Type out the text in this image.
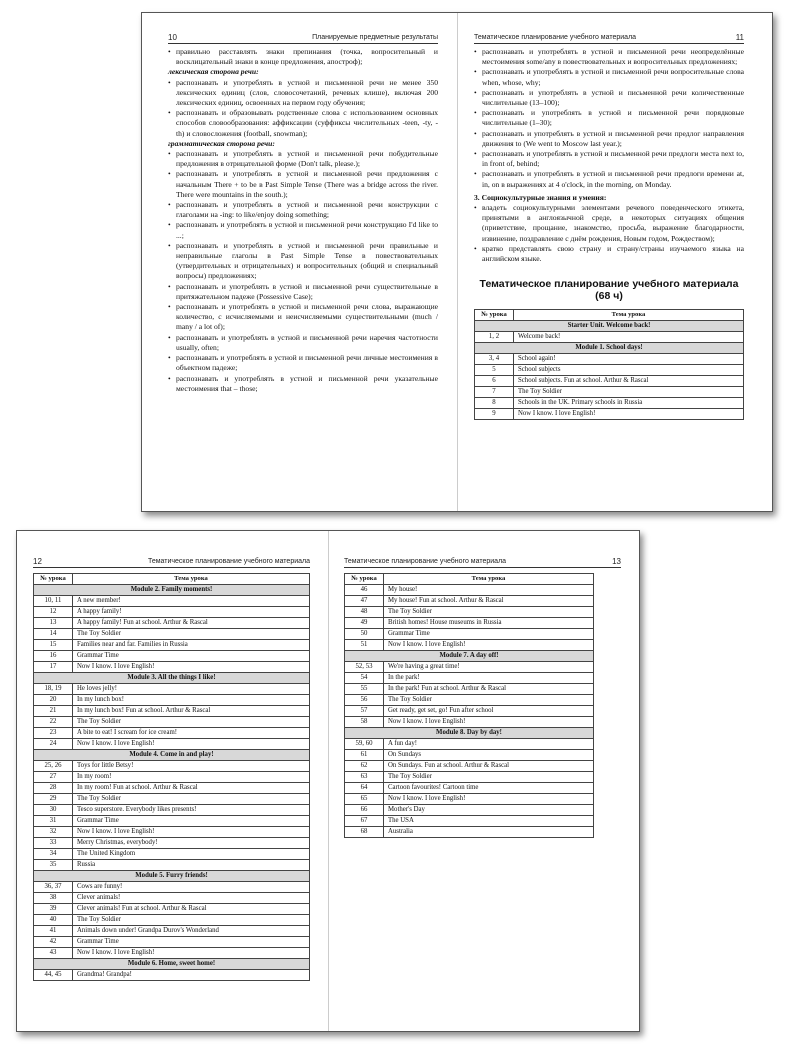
10	Планируемые предметные результаты	Тематическое планирование учебного материала	11
• правильно расставлять знаки препинания (точка, вопросительный и восклицательный знаки в конце предложения, апостроф);
лексическая сторона речи:
• распознавать и употреблять в устной и письменной речи не менее 350 лексических единиц (слов, словосочетаний, речевых клише), включая 200 лексических единиц, освоенных на первом году обучения;
• распознавать и образовывать родственные слова с использованием основных способов словообразования: аффиксации (суффиксы числительных -teen, -ty, -th) и словосложения (football, snowman);
грамматическая сторона речи:
• распознавать и употреблять в устной и письменной речи побудительные предложения в отрицательной форме (Don't talk, please.);
• распознавать и употреблять в устной и письменной речи предложения с начальным There + to be в Past Simple Tense (There was a bridge across the river. There were mountains in the south.);
• распознавать и употреблять в устной и письменной речи конструкции с глаголами на -ing: to like/enjoy doing something;
• распознавать и употреблять в устной и письменной речи конструкцию I'd like to ...;
• распознавать и употреблять в устной и письменной речи правильные и неправильные глаголы в Past Simple Tense в повествовательных (утвердительных и отрицательных) и вопросительных (общий и специальный вопросы) предложениях;
• распознавать и употреблять в устной и письменной речи существительные в притяжательном падеже (Possessive Case);
• распознавать и употреблять в устной и письменной речи слова, выражающие количество, с исчисляемыми и неисчисляемыми существительными (much / many / a lot of);
• распознавать и употреблять в устной и письменной речи наречия частотности usually, often;
• распознавать и употреблять в устной и письменной речи личные местоимения в объектном падеже;
• распознавать и употреблять в устной и письменной речи указательные местоимения that – those;
• распознавать и употреблять в устной и письменной речи неопределённые местоимения some/any в повествовательных и вопросительных предложениях;
• распознавать и употреблять в устной и письменной речи вопросительные слова when, whose, why;
• распознавать и употреблять в устной и письменной речи количественные числительные (13–100);
• распознавать и употреблять в устной и письменной речи порядковые числительные (1–30);
• распознавать и употреблять в устной и письменной речи предлог направления движения to (We went to Moscow last year.);
• распознавать и употреблять в устной и письменной речи предлоги места next to, in front of, behind;
• распознавать и употреблять в устной и письменной речи предлоги времени at, in, on в выражениях at 4 o'clock, in the morning, on Monday.
3. Социокультурные знания и умения:
• владеть социокультурными элементами речевого поведенческого этикета, принятыми в англоязычной среде, в некоторых ситуациях общения (приветствие, прощание, знакомство, просьба, выражение благодарности, извинение, поздравление с днём рождения, Новым годом, Рождеством);
• кратко представлять свою страну и страну/страны изучаемого языка на английском языке.
Тематическое планирование учебного материала (68 ч)
№ урока	Тема урока
Starter Unit. Welcome back!	
1, 2	Welcome back!
Module 1. School days!	
3, 4	School again!
5	School subjects
6	School subjects. Fun at school. Arthur & Rascal
7	The Toy Soldier
8	Schools in the UK. Primary schools in Russia
9	Now I know. I love English!
12	Тематическое планирование учебного материала	Тематическое планирование учебного материала	13
№ урока	Тема урока
Module 2. Family moments!	
10, 11	A new member!
12	A happy family!
13	A happy family! Fun at school. Arthur & Rascal
14	The Toy Soldier
15	Families near and far. Families in Russia
16	Grammar Time
17	Now I know. I love English!
Module 3. All the things I like!	
18, 19	He loves jelly!
20	In my lunch box!
21	In my lunch box! Fun at school. Arthur & Rascal
22	The Toy Soldier
23	A bite to eat! I scream for ice cream!
24	Now I know. I love English!
Module 4. Come in and play!	
25, 26	Toys for little Betsy!
27	In my room!
28	In my room! Fun at school. Arthur & Rascal
29	The Toy Soldier
30	Tesco superstore. Everybody likes presents!
31	Grammar Time
32	Now I know. I love English!
33	Merry Christmas, everybody!
34	The United Kingdom
35	Russia
Module 5. Furry friends!	
36, 37	Cows are funny!
38	Clever animals!
39	Clever animals! Fun at school. Arthur & Rascal
40	The Toy Soldier
41	Animals down under! Grandpa Durov's Wonderland
42	Grammar Time
43	Now I know. I love English!
Module 6. Home, sweet home!	
44, 45	Grandma! Grandpa!
№ урока	Тема урока
46	My house!
47	My house! Fun at school. Arthur & Rascal
48	The Toy Soldier
49	British homes! House museums in Russia
50	Grammar Time
51	Now I know. I love English!
Module 7. A day off!	
52, 53	We're having a great time!
54	In the park!
55	In the park! Fun at school. Arthur & Rascal
56	The Toy Soldier
57	Get ready, get set, go! Fun after school
58	Now I know. I love English!
Module 8. Day by day!	
59, 60	A fun day!
61	On Sundays
62	On Sundays. Fun at school. Arthur & Rascal
63	The Toy Soldier
64	Cartoon favourites! Cartoon time
65	Now I know. I love English!
66	Mother's Day
67	The USA
68	Australia
